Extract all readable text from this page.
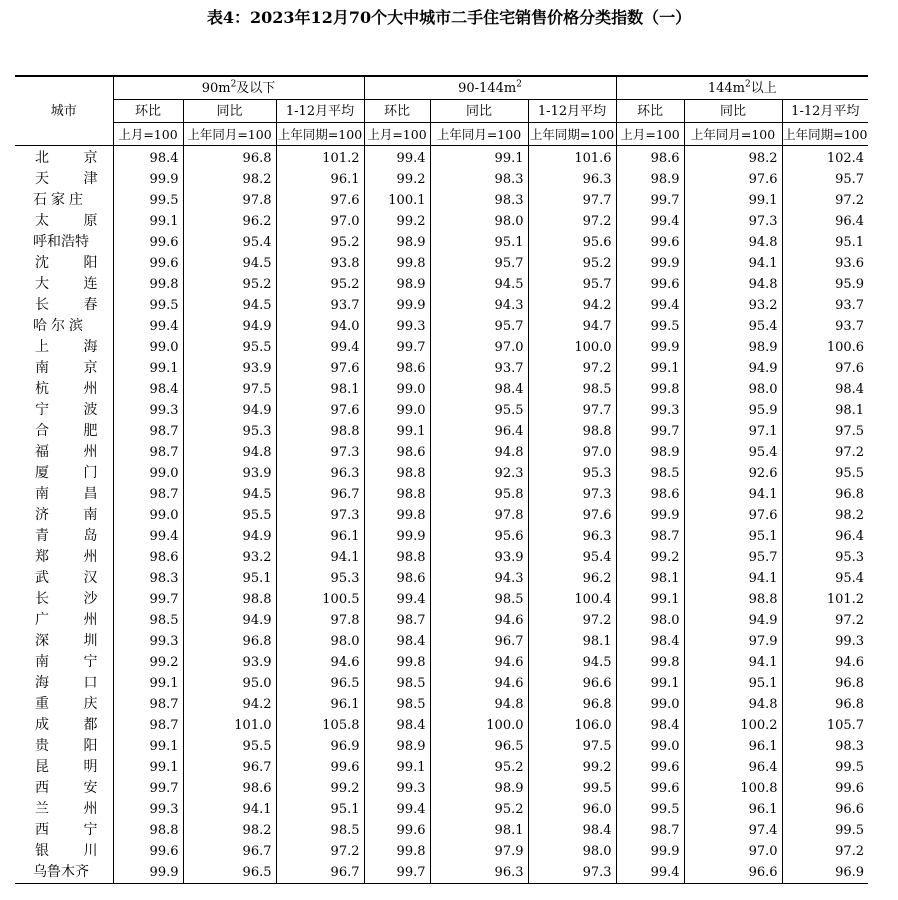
表4：2023年12月70个大中城市二手住宅销售价格分类指数（一）
城市	$90m^2$及以下			$90-144m^2$			$144m^2$以上		
	环比	同比	1-12月平均	环比	同比	1-12月平均	环比	同比	1-12月平均
	上月=100	上年同月=100	上年同期=100	上月=100	上年同月=100	上年同期=100	上月=100	上年同月=100	上年同期=100
北京	98.4	96.8	101.2	99.4	99.1	101.6	98.6	98.2	102.4
天津	99.9	98.2	96.1	99.2	98.3	96.3	98.9	97.6	95.7
石家庄	99.5	97.8	97.6	100.1	98.3	97.7	99.7	99.1	97.2
太原	99.1	96.2	97.0	99.2	98.0	97.2	99.4	97.3	96.4
呼和浩特	99.6	95.4	95.2	98.9	95.1	95.6	99.6	94.8	95.1
沈阳	99.6	94.5	93.8	99.8	95.7	95.2	99.9	94.1	93.6
大连	99.8	95.2	95.2	98.9	94.5	95.7	99.6	94.8	95.9
长春	99.5	94.5	93.7	99.9	94.3	94.2	99.4	93.2	93.7
哈尔滨	99.4	94.9	94.0	99.3	95.7	94.7	99.5	95.4	93.7
上海	99.0	95.5	99.4	99.7	97.0	100.0	99.9	98.9	100.6
南京	99.1	93.9	97.6	98.6	93.7	97.2	99.1	94.9	97.6
杭州	98.4	97.5	98.1	99.0	98.4	98.5	99.8	98.0	98.4
宁波	99.3	94.9	97.6	99.0	95.5	97.7	99.3	95.9	98.1
合肥	98.7	95.3	98.8	99.1	96.4	98.8	99.7	97.1	97.5
福州	98.7	94.8	97.3	98.6	94.8	97.0	98.9	95.4	97.2
厦门	99.0	93.9	96.3	98.8	92.3	95.3	98.5	92.6	95.5
南昌	98.7	94.5	96.7	98.8	95.8	97.3	98.6	94.1	96.8
济南	99.0	95.5	97.3	99.8	97.8	97.6	99.9	97.6	98.2
青岛	99.4	94.9	96.1	99.9	95.6	96.3	98.7	95.1	96.4
郑州	98.6	93.2	94.1	98.8	93.9	95.4	99.2	95.7	95.3
武汉	98.3	95.1	95.3	98.6	94.3	96.2	98.1	94.1	95.4
长沙	99.7	98.8	100.5	99.4	98.5	100.4	99.1	98.8	101.2
广州	98.5	94.9	97.8	98.7	94.6	97.2	98.0	94.9	97.2
深圳	99.3	96.8	98.0	98.4	96.7	98.1	98.4	97.9	99.3
南宁	99.2	93.9	94.6	99.8	94.6	94.5	99.8	94.1	94.6
海口	99.1	95.0	96.5	98.5	94.6	96.6	99.1	95.1	96.8
重庆	98.7	94.2	96.1	98.5	94.8	96.8	99.0	94.8	96.8
成都	98.7	101.0	105.8	98.4	100.0	106.0	98.4	100.2	105.7
贵阳	99.1	95.5	96.9	98.9	96.5	97.5	99.0	96.1	98.3
昆明	99.1	96.7	99.6	99.1	95.2	99.2	99.6	96.4	99.5
西安	99.7	98.6	99.2	99.3	98.9	99.5	99.6	100.8	99.6
兰州	99.3	94.1	95.1	99.4	95.2	96.0	99.5	96.1	96.6
西宁	98.8	98.2	98.5	99.6	98.1	98.4	98.7	97.4	99.5
银川	99.6	96.7	97.2	99.8	97.9	98.0	99.9	97.0	97.2
乌鲁木齐	99.9	96.5	96.7	99.7	96.3	97.3	99.4	96.6	96.9
